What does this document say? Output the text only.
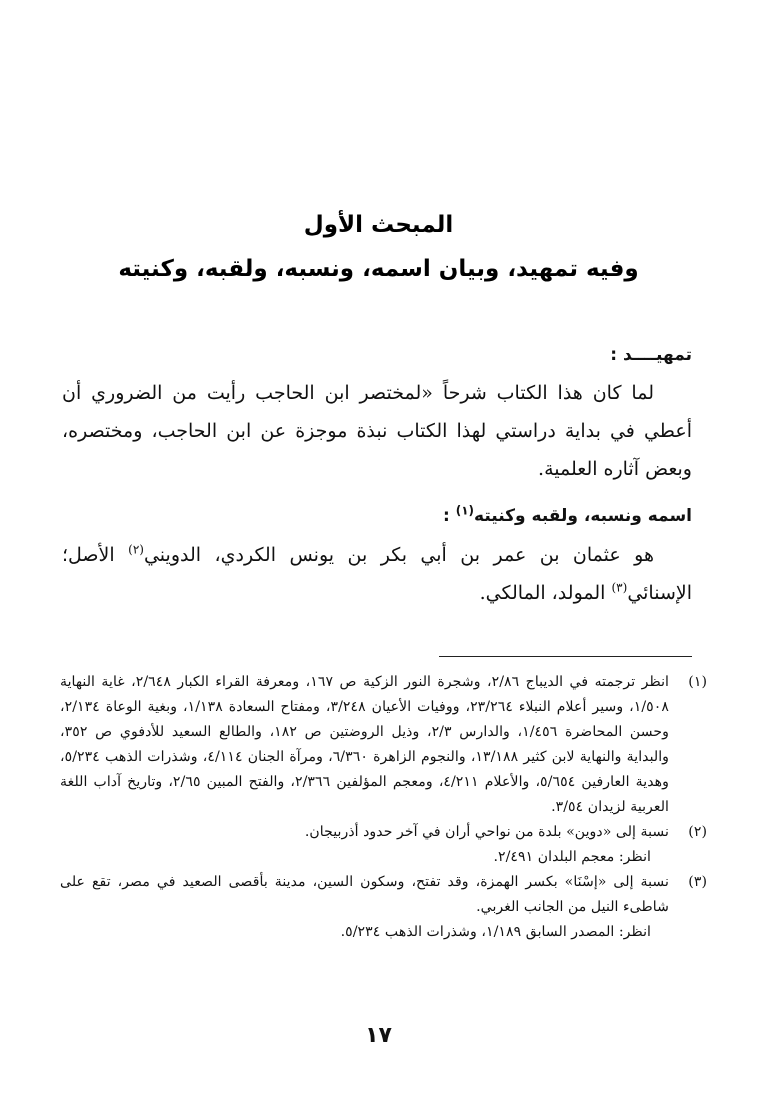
المبحث الأول
وفيه تمهيد، وبيان اسمه، ونسبه، ولقبه، وكنيته
تمهيــــد :
لما كان هذا الكتاب شرحاً «لمختصر ابن الحاجب رأيت من الضروري أن أعطي في بداية دراستي لهذا الكتاب نبذة موجزة عن ابن الحاجب، ومختصره، وبعض آثاره العلمية.
اسمه ونسبه، ولقبه وكنيته$^{(١)}$ :
هو عثمان بن عمر بن أبي بكر بن يونس الكردي، الدويني$^{(٢)}$ الأصل؛ الإسنائي$^{(٣)}$ المولد، المالكي.
(١)
انظر ترجمته في الديباج ٢/٨٦، وشجرة النور الزكية ص ١٦٧، ومعرفة القراء الكبار ٢/٦٤٨، غاية النهاية ١/٥٠٨، وسير أعلام النبلاء ٢٣/٢٦٤، ووفيات الأعيان ٣/٢٤٨، ومفتاح السعادة ١/١٣٨، وبغية الوعاة ٢/١٣٤، وحسن المحاضرة ١/٤٥٦، والدارس ٢/٣، وذيل الروضتين ص ١٨٢، والطالع السعيد للأدفوي ص ٣٥٢، والبداية والنهاية لابن كثير ١٣/١٨٨، والنجوم الزاهرة ٦/٣٦٠، ومرآة الجنان ٤/١١٤، وشذرات الذهب ٥/٢٣٤، وهدية العارفين ٥/٦٥٤، والأعلام ٤/٢١١، ومعجم المؤلفين ٢/٣٦٦، والفتح المبين ٢/٦٥، وتاريخ آداب اللغة العربية لزيدان ٣/٥٤.
(٢)
نسبة إلى «دوين» بلدة من نواحي أران في آخر حدود أذربيجان.
انظر: معجم البلدان ٢/٤٩١.
(٣)
نسبة إلى «إسْنَا» بكسر الهمزة، وقد تفتح، وسكون السين، مدينة بأقصى الصعيد في مصر، تقع على شاطىء النيل من الجانب الغربي.
انظر: المصدر السابق ١/١٨٩، وشذرات الذهب ٥/٢٣٤.
١٧
